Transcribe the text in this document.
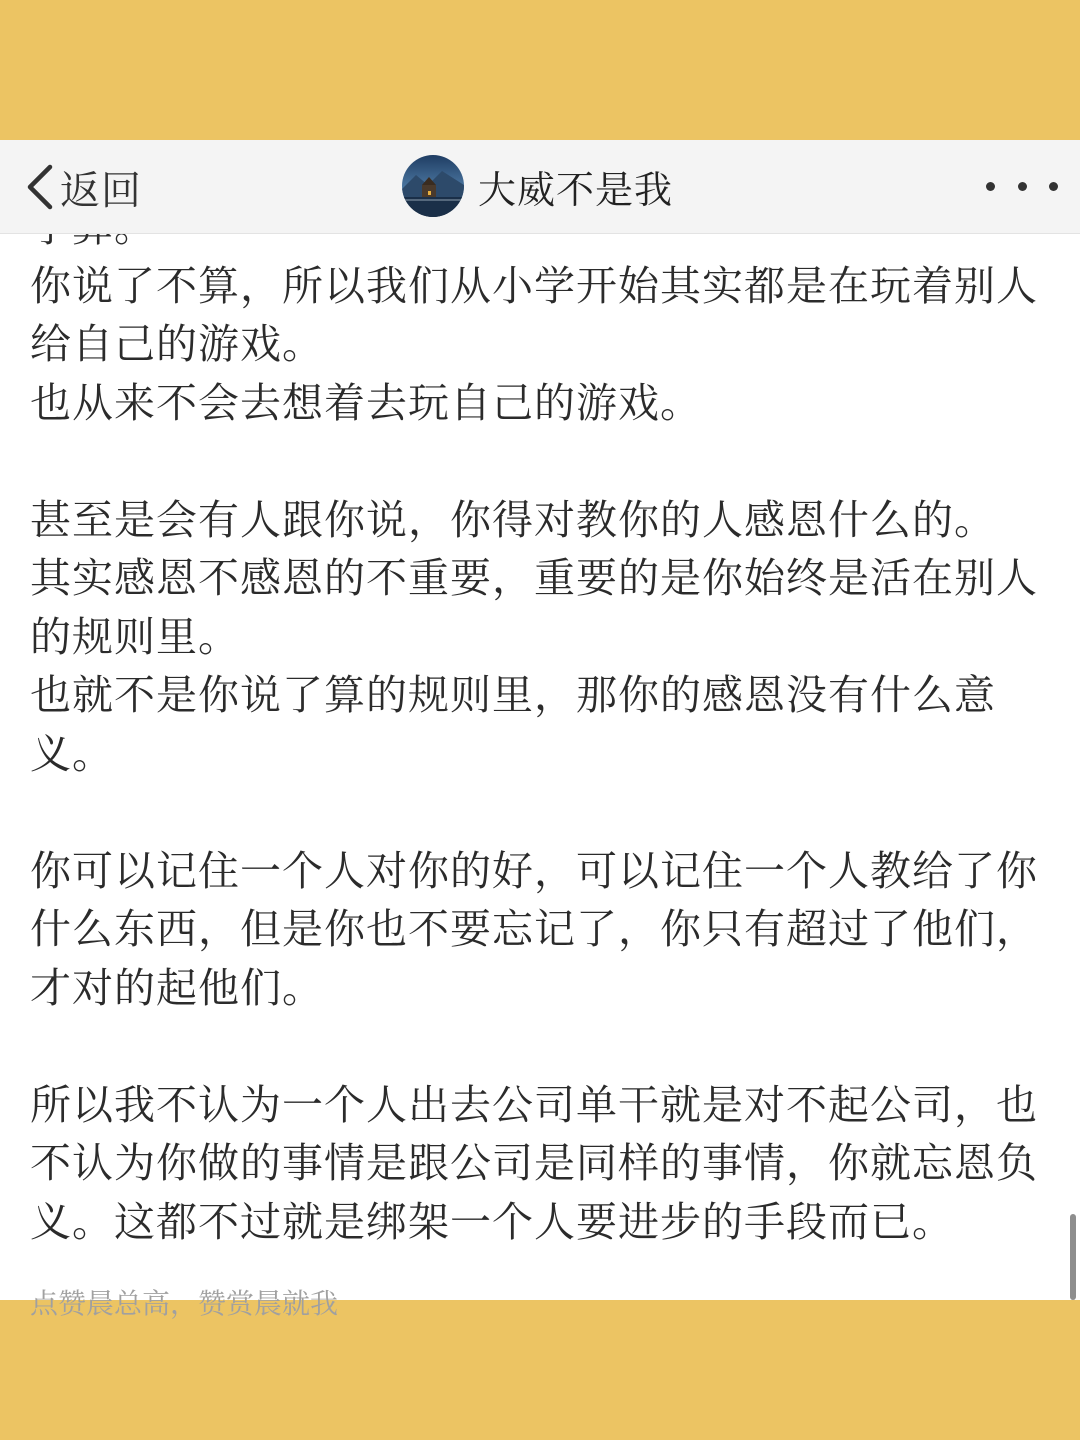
返回	大威不是我

你说了不算，所以我们从小学开始其实都是在玩着别人

给自己的游戏。

也从来不会去想着去玩自己的游戏。

甚至是会有人跟你说，你得对教你的人感恩什么的。

其实感恩不感恩的不重要，重要的是你始终是活在别人

的规则里。

也就不是你说了算的规则里，那你的感恩没有什么意

义。

你可以记住一个人对你的好，可以记住一个人教给了你

什么东西，但是你也不要忘记了，你只有超过了他们，

才对的起他们。

所以我不认为一个人出去公司单干就是对不起公司，也

不认为你做的事情是跟公司是同样的事情，你就忘恩负

义。这都不过就是绑架一个人要进步的手段而已。

点赞晨总高，赞赏晨就我
